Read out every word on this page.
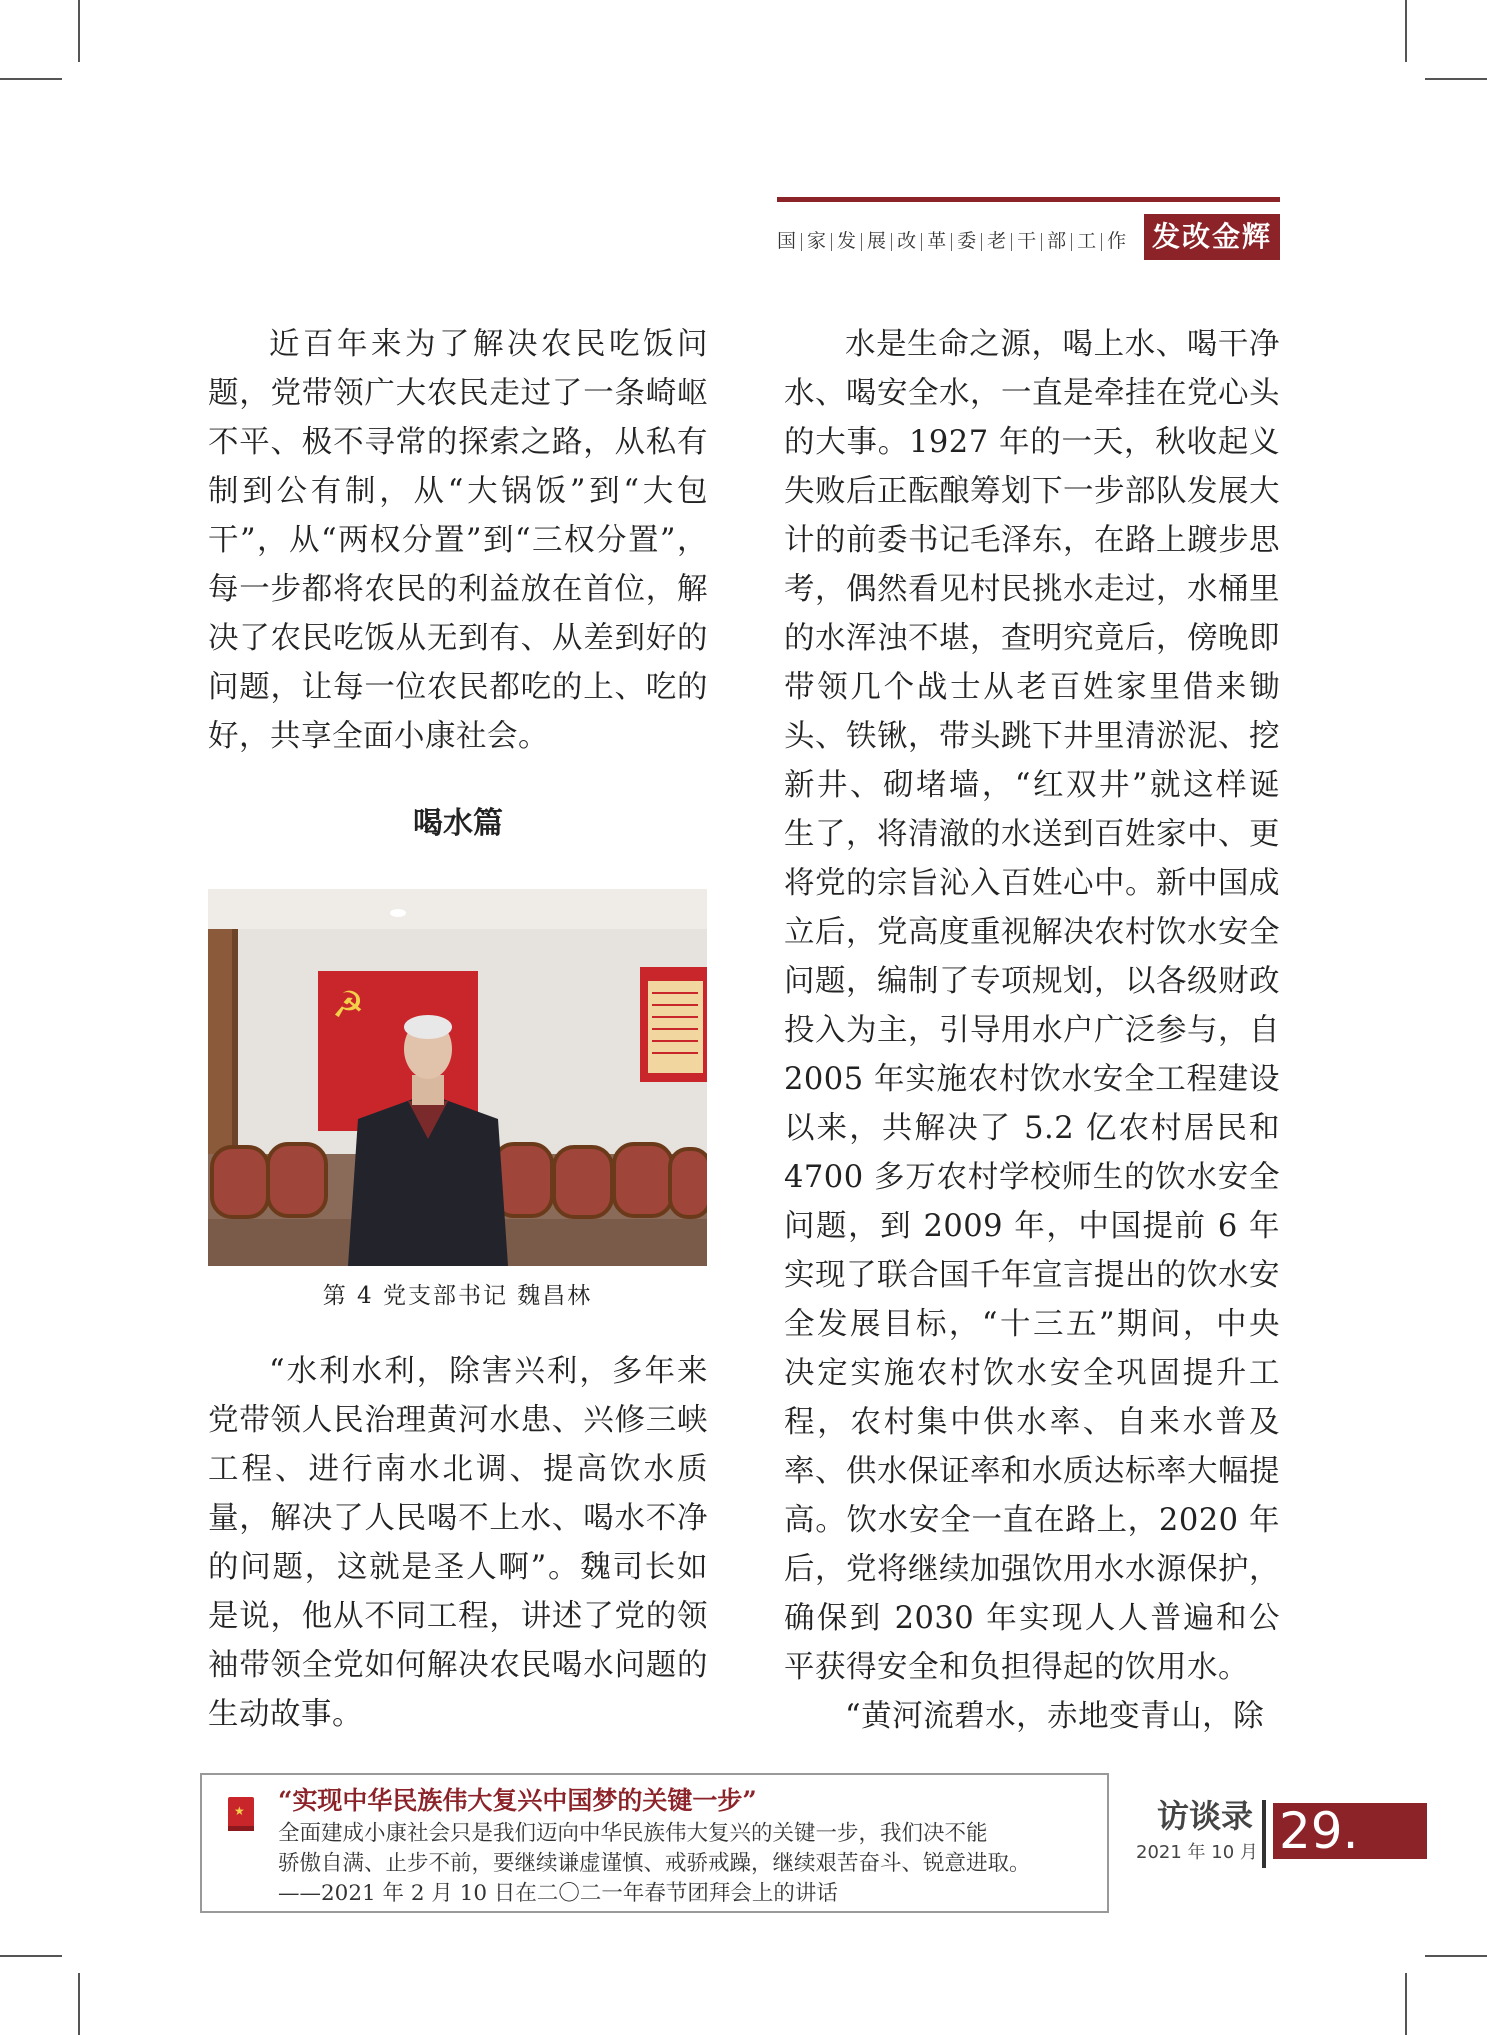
国 家 发 展 改 革 委 老 干 部 工 作 发改金辉

近百年来为了解决农民吃饭问题，党带领广大农民走过了一条崎岖不平、极不寻常的探索之路，从私有制到公有制，从“大锅饭”到“大包干”，从“两权分置”到“三权分置”，每一步都将农民的利益放在首位，解决了农民吃饭从无到有、从差到好的问题，让每一位农民都吃的上、吃的好，共享全面小康社会。

喝水篇
☭
第 4 党支部书记 魏昌林

“水利水利，除害兴利，多年来党带领人民治理黄河水患、兴修三峡工程、进行南水北调、提高饮水质量，解决了人民喝不上水、喝水不净的问题，这就是圣人啊”。魏司长如是说，他从不同工程，讲述了党的领袖带领全党如何解决农民喝水问题的生动故事。

水是生命之源，喝上水、喝干净水、喝安全水，一直是牵挂在党心头的大事。1927 年的一天，秋收起义失败后正酝酿筹划下一步部队发展大计的前委书记毛泽东，在路上踱步思考，偶然看见村民挑水走过，水桶里的水浑浊不堪，查明究竟后，傍晚即带领几个战士从老百姓家里借来锄头、铁锹，带头跳下井里清淤泥、挖新井、砌堵墙，“红双井”就这样诞生了，将清澈的水送到百姓家中、更将党的宗旨沁入百姓心中。新中国成立后，党高度重视解决农村饮水安全问题，编制了专项规划，以各级财政投入为主，引导用水户广泛参与，自 2005 年实施农村饮水安全工程建设以来，共解决了 5.2 亿农村居民和 4700 多万农村学校师生的饮水安全问题，到 2009 年，中国提前 6 年实现了联合国千年宣言提出的饮水安全发展目标，“十三五”期间，中央决定实施农村饮水安全巩固提升工程，农村集中供水率、自来水普及率、供水保证率和水质达标率大幅提高。饮水安全一直在路上，2020 年后，党将继续加强饮用水水源保护，确保到 2030 年实现人人普遍和公平获得安全和负担得起的饮用水。

“黄河流碧水，赤地变青山，除

★ “实现中华民族伟大复兴中国梦的关键一步”
全面建成小康社会只是我们迈向中华民族伟大复兴的关键一步，我们决不能
骄傲自满、止步不前，要继续谦虚谨慎、戒骄戒躁，继续艰苦奋斗、锐意进取。
——2021 年 2 月 10 日在二〇二一年春节团拜会上的讲话
访谈录
2021 年 10 月 29.
